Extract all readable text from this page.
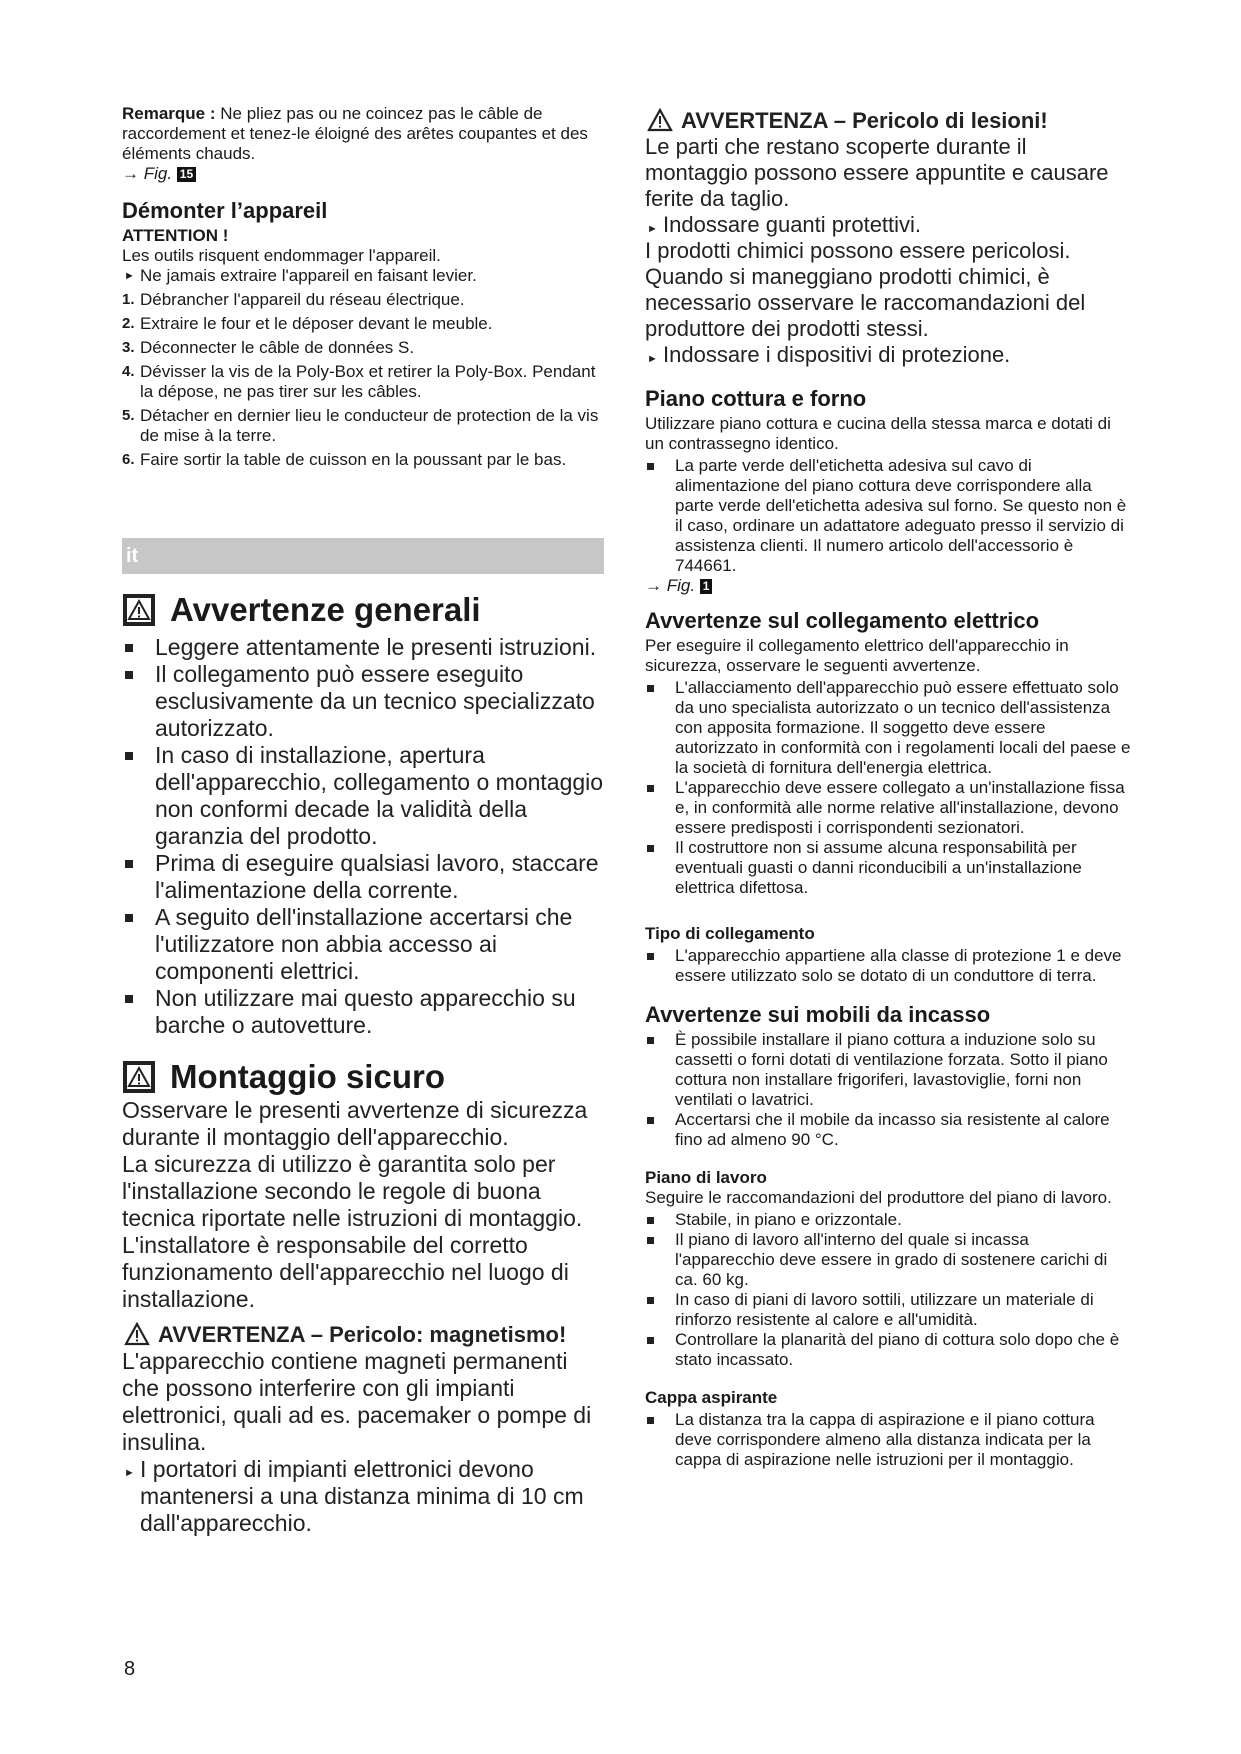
Remarque : Ne pliez pas ou ne coincez pas le câble de raccordement et tenez-le éloigné des arêtes coupantes et des éléments chauds.

→ Fig. 15

Démonter l’appareil
ATTENTION !

Les outils risquent endommager l'appareil.

► Ne jamais extraire l'appareil en faisant levier.
1. Débrancher l'appareil du réseau électrique.
2. Extraire le four et le déposer devant le meuble.
3. Déconnecter le câble de données S.
4. Dévisser la vis de la Poly-Box et retirer la Poly-Box. Pendant la dépose, ne pas tirer sur les câbles.
5. Détacher en dernier lieu le conducteur de protection de la vis de mise à la terre.
6. Faire sortir la table de cuisson en la poussant par le bas.
it
Avvertenze generali
Leggere attentamente le presenti istruzioni.
Il collegamento può essere eseguito esclusivamente da un tecnico specializzato autorizzato.
In caso di installazione, apertura dell'apparecchio, collegamento o montaggio non conformi decade la validità della garanzia del prodotto.
Prima di eseguire qualsiasi lavoro, staccare l'alimentazione della corrente.
A seguito dell'installazione accertarsi che l'utilizzatore non abbia accesso ai componenti elettrici.
Non utilizzare mai questo apparecchio su barche o autovetture.
Montaggio sicuro

Osservare le presenti avvertenze di sicurezza durante il montaggio dell'apparecchio.

La sicurezza di utilizzo è garantita solo per l'installazione secondo le regole di buona tecnica riportate nelle istruzioni di montaggio. L'installatore è responsabile del corretto funzionamento dell'apparecchio nel luogo di installazione.

AVVERTENZA – Pericolo: magnetismo!

L'apparecchio contiene magneti permanenti che possono interferire con gli impianti elettronici, quali ad es. pacemaker o pompe di insulina.

► I portatori di impianti elettronici devono mantenersi a una distanza minima di 10 cm dall'apparecchio.
AVVERTENZA – Pericolo di lesioni!

Le parti che restano scoperte durante il montaggio possono essere appuntite e causare ferite da taglio.

► Indossare guanti protettivi.

I prodotti chimici possono essere pericolosi. Quando si maneggiano prodotti chimici, è necessario osservare le raccomandazioni del produttore dei prodotti stessi.

► Indossare i dispositivi di protezione.
Piano cottura e forno

Utilizzare piano cottura e cucina della stessa marca e dotati di un contrassegno identico.

La parte verde dell'etichetta adesiva sul cavo di alimentazione del piano cottura deve corrispondere alla parte verde dell'etichetta adesiva sul forno. Se questo non è il caso, ordinare un adattatore adeguato presso il servizio di assistenza clienti. Il numero articolo dell'accessorio è 744661.

→ Fig. 1

Avvertenze sul collegamento elettrico

Per eseguire il collegamento elettrico dell'apparecchio in sicurezza, osservare le seguenti avvertenze.

L'allacciamento dell'apparecchio può essere effettuato solo da uno specialista autorizzato o un tecnico dell'assistenza con apposita formazione. Il soggetto deve essere autorizzato in conformità con i regolamenti locali del paese e la società di fornitura dell'energia elettrica.
L'apparecchio deve essere collegato a un'installazione fissa e, in conformità alle norme relative all'installazione, devono essere predisposti i corrispondenti sezionatori.
Il costruttore non si assume alcuna responsabilità per eventuali guasti o danni riconducibili a un'installazione elettrica difettosa.
Tipo di collegamento
L'apparecchio appartiene alla classe di protezione 1 e deve essere utilizzato solo se dotato di un conduttore di terra.
Avvertenze sui mobili da incasso
È possibile installare il piano cottura a induzione solo su cassetti o forni dotati di ventilazione forzata. Sotto il piano cottura non installare frigoriferi, lavastoviglie, forni non ventilati o lavatrici.
Accertarsi che il mobile da incasso sia resistente al calore fino ad almeno 90 °C.
Piano di lavoro

Seguire le raccomandazioni del produttore del piano di lavoro.

Stabile, in piano e orizzontale.
Il piano di lavoro all'interno del quale si incassa l'apparecchio deve essere in grado di sostenere carichi di ca. 60 kg.
In caso di piani di lavoro sottili, utilizzare un materiale di rinforzo resistente al calore e all'umidità.
Controllare la planarità del piano di cottura solo dopo che è stato incassato.
Cappa aspirante
La distanza tra la cappa di aspirazione e il piano cottura deve corrispondere almeno alla distanza indicata per la cappa di aspirazione nelle istruzioni per il montaggio.
8
